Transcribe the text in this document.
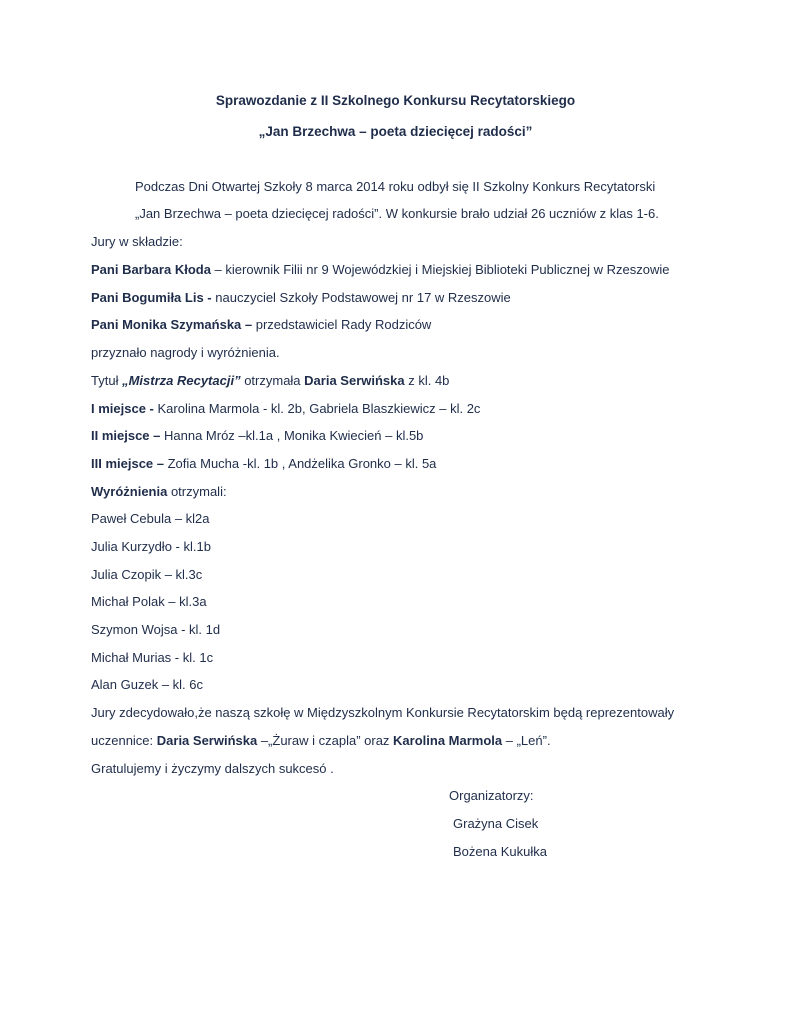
Sprawozdanie z II Szkolnego Konkursu Recytatorskiego
„Jan Brzechwa – poeta dziecięcej radości”
Podczas Dni Otwartej Szkoły 8 marca 2014 roku odbył się II Szkolny Konkurs Recytatorski
„Jan Brzechwa – poeta dziecięcej radości”. W konkursie brało udział 26 uczniów z klas 1-6.
Jury w składzie:
Pani Barbara Kłoda – kierownik Filii nr 9 Wojewódzkiej i Miejskiej Biblioteki Publicznej w Rzeszowie
Pani Bogumiła Lis - nauczyciel Szkoły Podstawowej nr 17 w Rzeszowie
Pani Monika Szymańska – przedstawiciel Rady Rodziców
przyznało nagrody i wyróżnienia.
Tytuł „Mistrza Recytacji” otrzymała Daria Serwińska z kl. 4b
I miejsce - Karolina Marmola - kl. 2b, Gabriela Blaszkiewicz – kl. 2c
II miejsce – Hanna Mróz –kl.1a , Monika Kwiecień – kl.5b
III miejsce – Zofia Mucha -kl. 1b , Andżelika Gronko – kl. 5a
Wyróżnienia otrzymali:
Paweł Cebula – kl2a
Julia Kurzydło - kl.1b
Julia Czopik – kl.3c
Michał Polak – kl.3a
Szymon Wojsa - kl. 1d
Michał Murias - kl. 1c
Alan Guzek – kl. 6c
Jury zdecydowało,że naszą szkołę w Międzyszkolnym Konkursie Recytatorskim będą reprezentowały
uczennice: Daria Serwińska –„Żuraw i czapla” oraz Karolina Marmola – „Leń”.
Gratulujemy i życzymy dalszych sukcesó .
Organizatorzy:
Grażyna Cisek
Bożena Kukułka
